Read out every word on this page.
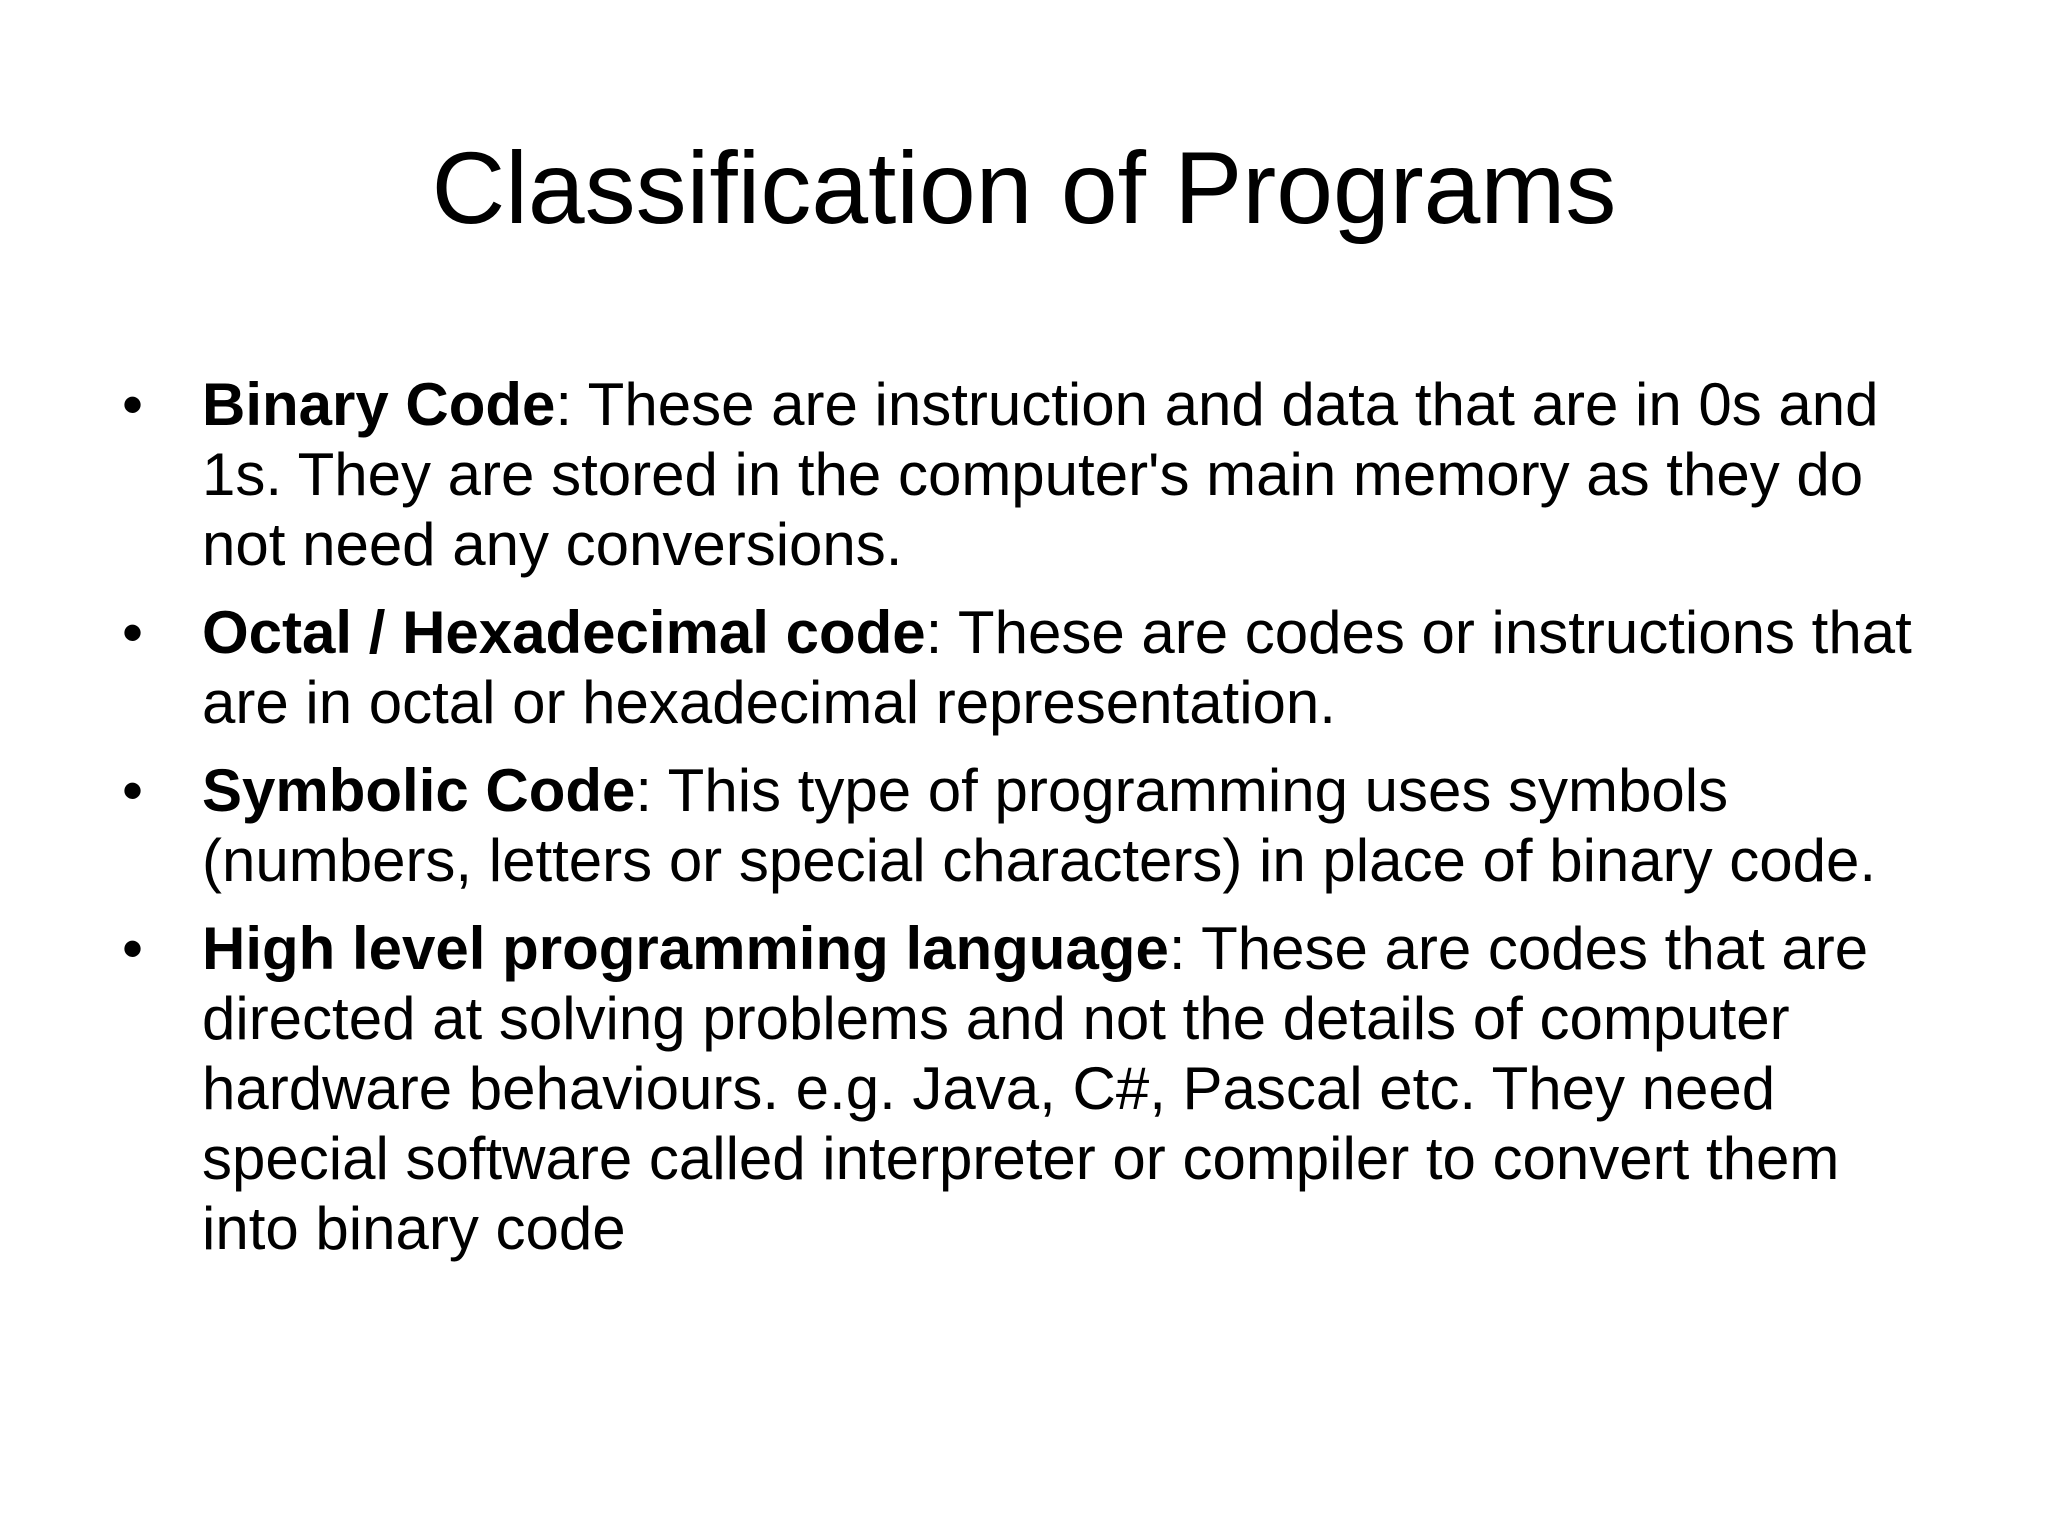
Classification of Programs
• Binary Code: These are instruction and data that are in 0s and 1s. They are stored in the computer's main memory as they do not need any conversions.
• Octal / Hexadecimal code: These are codes or instructions that are in octal or hexadecimal representation.
• Symbolic Code: This type of programming uses symbols (numbers, letters or special characters) in place of binary code.
• High level programming language: These are codes that are directed at solving problems and not the details of computer hardware behaviours. e.g. Java, C#, Pascal etc. They need special software called interpreter or compiler to convert them into binary code
